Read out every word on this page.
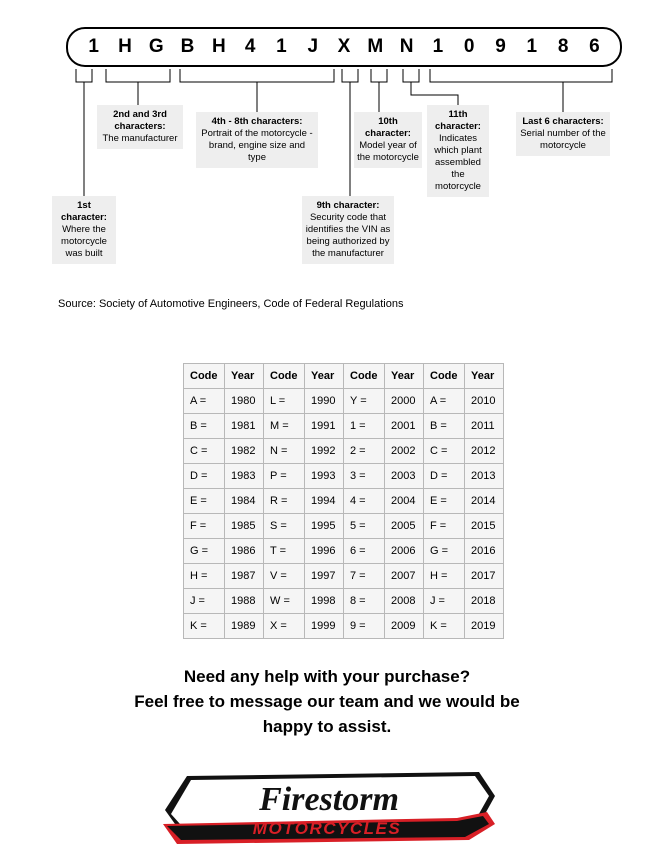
1	H G B H	4	1	J	X M N	1	0	9	1	8	6
1st character:
Where the motorcycle was built
2nd and 3rd characters:
The manufacturer
4th - 8th characters:
Portrait of the motorcycle - brand, engine size and type
9th character:
Security code that identifies the VIN as being authorized by the manufacturer
10th character:
Model year of the motorcycle
11th character:
Indicates which plant assembled the motorcycle
Last 6 characters:
Serial number of the motorcycle
Source: Society of Automotive Engineers, Code of Federal Regulations
Code	Year	Code	Year	Code	Year	Code	Year
A =	1980	L =	1990	Y =	2000	A =	2010
B =	1981	M =	1991	1 =	2001	B =	2011
C =	1982	N =	1992	2 =	2002	C =	2012
D =	1983	P =	1993	3 =	2003	D =	2013
E =	1984	R =	1994	4 =	2004	E =	2014
F =	1985	S =	1995	5 =	2005	F =	2015
G =	1986	T =	1996	6 =	2006	G =	2016
H =	1987	V =	1997	7 =	2007	H =	2017
J =	1988	W =	1998	8 =	2008	J =	2018
K =	1989	X =	1999	9 =	2009	K =	2019
Need any help with your purchase?
Feel free to message our team and we would be
happy to assist.
Firestorm
MOTORCYCLES
